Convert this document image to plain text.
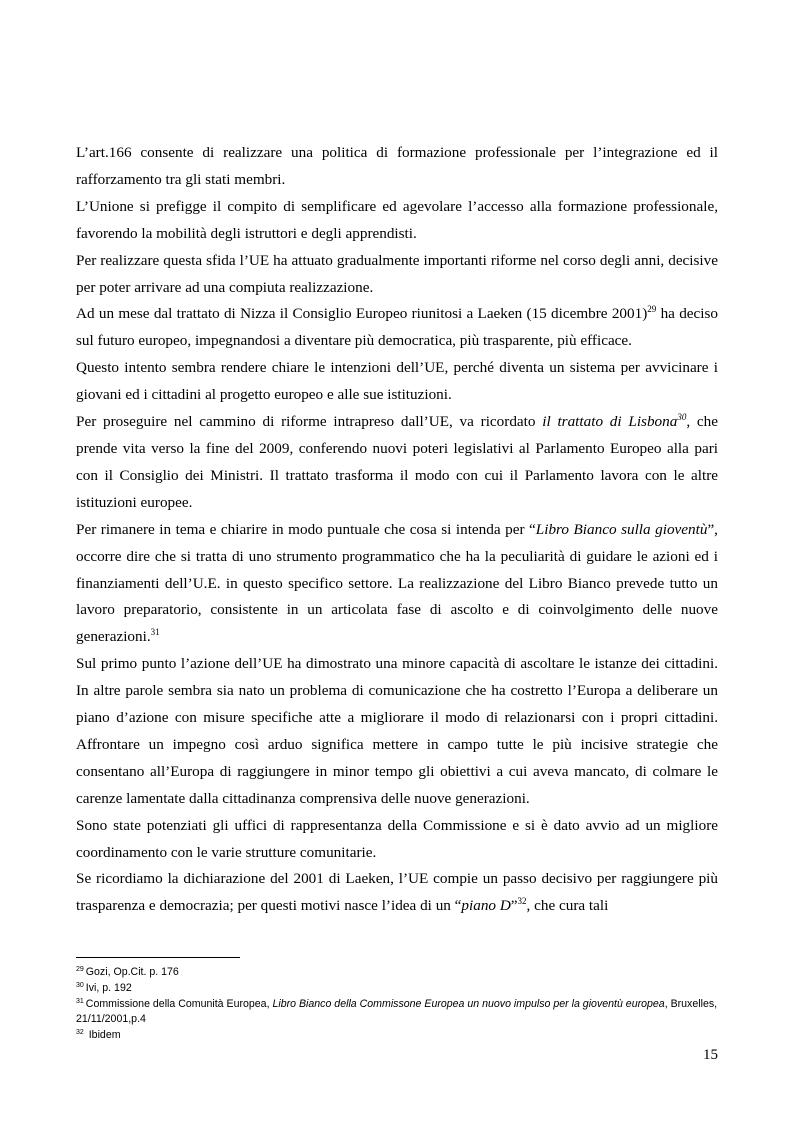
L’art.166 consente di realizzare una politica di formazione professionale per l’integrazione ed il rafforzamento tra gli stati membri.

L’Unione si prefigge il compito di semplificare ed agevolare l’accesso alla formazione professionale, favorendo la mobilità degli istruttori e degli apprendisti.

Per realizzare questa sfida l’UE ha attuato gradualmente importanti riforme nel corso degli anni, decisive per poter arrivare ad una compiuta realizzazione.

Ad un mese dal trattato di Nizza il Consiglio Europeo riunitosi a Laeken (15 dicembre 2001)$^{29}$ ha deciso sul futuro europeo, impegnandosi a diventare più democratica, più trasparente, più efficace.

Questo intento sembra rendere chiare le intenzioni dell’UE, perché diventa un sistema per avvicinare i giovani ed i cittadini al progetto europeo e alle sue istituzioni.

Per proseguire nel cammino di riforme intrapreso dall’UE, va ricordato il trattato di Lisbona$^{30}$, che prende vita verso la fine del 2009, conferendo nuovi poteri legislativi al Parlamento Europeo alla pari con il Consiglio dei Ministri. Il trattato trasforma il modo con cui il Parlamento lavora con le altre istituzioni europee.

Per rimanere in tema e chiarire in modo puntuale che cosa si intenda per “Libro Bianco sulla gioventù”, occorre dire che si tratta di uno strumento programmatico che ha la peculiarità di guidare le azioni ed i finanziamenti dell’U.E. in questo specifico settore. La realizzazione del Libro Bianco prevede tutto un lavoro preparatorio, consistente in un articolata fase di ascolto e di coinvolgimento delle nuove generazioni.$^{31}$

Sul primo punto l’azione dell’UE ha dimostrato una minore capacità di ascoltare le istanze dei cittadini. In altre parole sembra sia nato un problema di comunicazione che ha costretto l’Europa a deliberare un piano d’azione con misure specifiche atte a migliorare il modo di relazionarsi con i propri cittadini. Affrontare un impegno così arduo significa mettere in campo tutte le più incisive strategie che consentano all’Europa di raggiungere in minor tempo gli obiettivi a cui aveva mancato, di colmare le carenze lamentate dalla cittadinanza comprensiva delle nuove generazioni.

Sono state potenziati gli uffici di rappresentanza della Commissione e si è dato avvio ad un migliore coordinamento con le varie strutture comunitarie.

Se ricordiamo la dichiarazione del 2001 di Laeken, l’UE compie un passo decisivo per raggiungere più trasparenza e democrazia; per questi motivi nasce l’idea di un “piano D”$^{32}$, che cura tali

$^{29}$ Gozi, Op.Cit. p. 176

$^{30}$ Ivi, p. 192

$^{31}$ Commissione della Comunità Europea, Libro Bianco della Commissone Europea un nuovo impulso per la gioventù europea, Bruxelles, 21/11/2001,p.4

$^{32}$ Ibidem

15
